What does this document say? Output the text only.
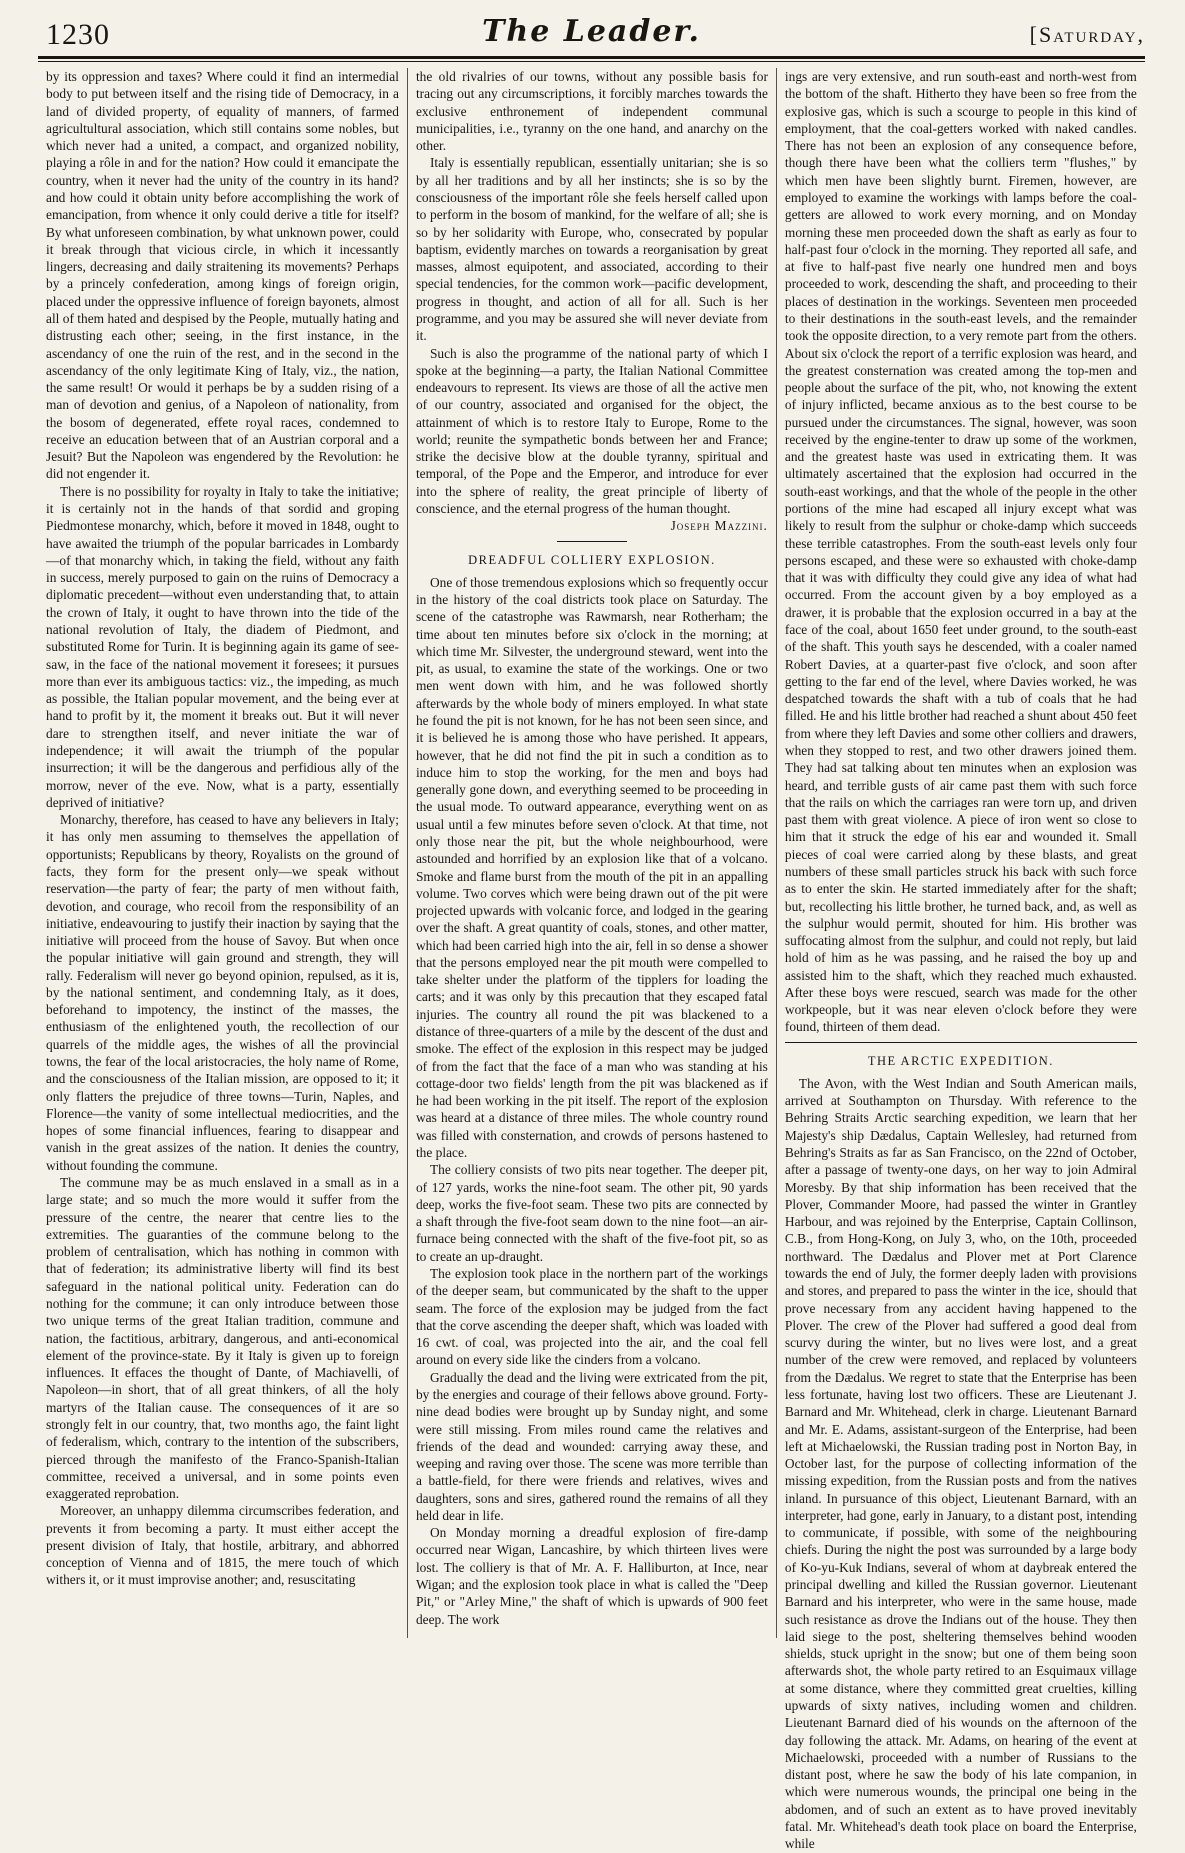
1230	The Leader.	[Saturday,

by its oppression and taxes? Where could it find an intermedial body to put between itself and the rising tide of Democracy, in a land of divided property, of equality of manners, of farmed agricultultural association, which still contains some nobles, but which never had a united, a compact, and organized nobility, playing a rôle in and for the nation? How could it emancipate the country, when it never had the unity of the country in its hand? and how could it obtain unity before accomplishing the work of emancipation, from whence it only could derive a title for itself? By what unforeseen combination, by what unknown power, could it break through that vicious circle, in which it incessantly lingers, decreasing and daily straitening its movements? Perhaps by a princely confederation, among kings of foreign origin, placed under the oppressive influence of foreign bayonets, almost all of them hated and despised by the People, mutually hating and distrusting each other; seeing, in the first instance, in the ascendancy of one the ruin of the rest, and in the second in the ascendancy of the only legitimate King of Italy, viz., the nation, the same result! Or would it perhaps be by a sudden rising of a man of devotion and genius, of a Napoleon of nationality, from the bosom of degenerated, effete royal races, condemned to receive an education between that of an Austrian corporal and a Jesuit? But the Napoleon was engendered by the Revolution: he did not engender it.

There is no possibility for royalty in Italy to take the initiative; it is certainly not in the hands of that sordid and groping Piedmontese monarchy, which, before it moved in 1848, ought to have awaited the triumph of the popular barricades in Lombardy—of that monarchy which, in taking the field, without any faith in success, merely purposed to gain on the ruins of Democracy a diplomatic precedent—without even understanding that, to attain the crown of Italy, it ought to have thrown into the tide of the national revolution of Italy, the diadem of Piedmont, and substituted Rome for Turin. It is beginning again its game of see-saw, in the face of the national movement it foresees; it pursues more than ever its ambiguous tactics: viz., the impeding, as much as possible, the Italian popular movement, and the being ever at hand to profit by it, the moment it breaks out. But it will never dare to strengthen itself, and never initiate the war of independence; it will await the triumph of the popular insurrection; it will be the dangerous and perfidious ally of the morrow, never of the eve. Now, what is a party, essentially deprived of initiative?

Monarchy, therefore, has ceased to have any believers in Italy; it has only men assuming to themselves the appellation of opportunists; Republicans by theory, Royalists on the ground of facts, they form for the present only—we speak without reservation—the party of fear; the party of men without faith, devotion, and courage, who recoil from the responsibility of an initiative, endeavouring to justify their inaction by saying that the initiative will proceed from the house of Savoy. But when once the popular initiative will gain ground and strength, they will rally. Federalism will never go beyond opinion, repulsed, as it is, by the national sentiment, and condemning Italy, as it does, beforehand to impotency, the instinct of the masses, the enthusiasm of the enlightened youth, the recollection of our quarrels of the middle ages, the wishes of all the provincial towns, the fear of the local aristocracies, the holy name of Rome, and the consciousness of the Italian mission, are opposed to it; it only flatters the prejudice of three towns—Turin, Naples, and Florence—the vanity of some intellectual mediocrities, and the hopes of some financial influences, fearing to disappear and vanish in the great assizes of the nation. It denies the country, without founding the commune.

The commune may be as much enslaved in a small as in a large state; and so much the more would it suffer from the pressure of the centre, the nearer that centre lies to the extremities. The guaranties of the commune belong to the problem of centralisation, which has nothing in common with that of federation; its administrative liberty will find its best safeguard in the national political unity. Federation can do nothing for the commune; it can only introduce between those two unique terms of the great Italian tradition, commune and nation, the factitious, arbitrary, dangerous, and anti-economical element of the province-state. By it Italy is given up to foreign influences. It effaces the thought of Dante, of Machiavelli, of Napoleon—in short, that of all great thinkers, of all the holy martyrs of the Italian cause. The consequences of it are so strongly felt in our country, that, two months ago, the faint light of federalism, which, contrary to the intention of the subscribers, pierced through the manifesto of the Franco-Spanish-Italian committee, received a universal, and in some points even exaggerated reprobation.

Moreover, an unhappy dilemma circumscribes federation, and prevents it from becoming a party. It must either accept the present division of Italy, that hostile, arbitrary, and abhorred conception of Vienna and of 1815, the mere touch of which withers it, or it must improvise another; and, resuscitating

the old rivalries of our towns, without any possible basis for tracing out any circumscriptions, it forcibly marches towards the exclusive enthronement of independent communal municipalities, i.e., tyranny on the one hand, and anarchy on the other.

Italy is essentially republican, essentially unitarian; she is so by all her traditions and by all her instincts; she is so by the consciousness of the important rôle she feels herself called upon to perform in the bosom of mankind, for the welfare of all; she is so by her solidarity with Europe, who, consecrated by popular baptism, evidently marches on towards a reorganisation by great masses, almost equipotent, and associated, according to their special tendencies, for the common work—pacific development, progress in thought, and action of all for all. Such is her programme, and you may be assured she will never deviate from it.

Such is also the programme of the national party of which I spoke at the beginning—a party, the Italian National Committee endeavours to represent. Its views are those of all the active men of our country, associated and organised for the object, the attainment of which is to restore Italy to Europe, Rome to the world; reunite the sympathetic bonds between her and France; strike the decisive blow at the double tyranny, spiritual and temporal, of the Pope and the Emperor, and introduce for ever into the sphere of reality, the great principle of liberty of conscience, and the eternal progress of the human thought.

Joseph Mazzini.
DREADFUL COLLIERY EXPLOSION.

One of those tremendous explosions which so frequently occur in the history of the coal districts took place on Saturday. The scene of the catastrophe was Rawmarsh, near Rotherham; the time about ten minutes before six o'clock in the morning; at which time Mr. Silvester, the underground steward, went into the pit, as usual, to examine the state of the workings. One or two men went down with him, and he was followed shortly afterwards by the whole body of miners employed. In what state he found the pit is not known, for he has not been seen since, and it is believed he is among those who have perished. It appears, however, that he did not find the pit in such a condition as to induce him to stop the working, for the men and boys had generally gone down, and everything seemed to be proceeding in the usual mode. To outward appearance, everything went on as usual until a few minutes before seven o'clock. At that time, not only those near the pit, but the whole neighbourhood, were astounded and horrified by an explosion like that of a volcano. Smoke and flame burst from the mouth of the pit in an appalling volume. Two corves which were being drawn out of the pit were projected upwards with volcanic force, and lodged in the gearing over the shaft. A great quantity of coals, stones, and other matter, which had been carried high into the air, fell in so dense a shower that the persons employed near the pit mouth were compelled to take shelter under the platform of the tipplers for loading the carts; and it was only by this precaution that they escaped fatal injuries. The country all round the pit was blackened to a distance of three-quarters of a mile by the descent of the dust and smoke. The effect of the explosion in this respect may be judged of from the fact that the face of a man who was standing at his cottage-door two fields' length from the pit was blackened as if he had been working in the pit itself. The report of the explosion was heard at a distance of three miles. The whole country round was filled with consternation, and crowds of persons hastened to the place.

The colliery consists of two pits near together. The deeper pit, of 127 yards, works the nine-foot seam. The other pit, 90 yards deep, works the five-foot seam. These two pits are connected by a shaft through the five-foot seam down to the nine foot—an air-furnace being connected with the shaft of the five-foot pit, so as to create an up-draught.

The explosion took place in the northern part of the workings of the deeper seam, but communicated by the shaft to the upper seam. The force of the explosion may be judged from the fact that the corve ascending the deeper shaft, which was loaded with 16 cwt. of coal, was projected into the air, and the coal fell around on every side like the cinders from a volcano.

Gradually the dead and the living were extricated from the pit, by the energies and courage of their fellows above ground. Forty-nine dead bodies were brought up by Sunday night, and some were still missing. From miles round came the relatives and friends of the dead and wounded: carrying away these, and weeping and raving over those. The scene was more terrible than a battle-field, for there were friends and relatives, wives and daughters, sons and sires, gathered round the remains of all they held dear in life.

On Monday morning a dreadful explosion of fire-damp occurred near Wigan, Lancashire, by which thirteen lives were lost. The colliery is that of Mr. A. F. Halliburton, at Ince, near Wigan; and the explosion took place in what is called the "Deep Pit," or "Arley Mine," the shaft of which is upwards of 900 feet deep. The work

ings are very extensive, and run south-east and north-west from the bottom of the shaft. Hitherto they have been so free from the explosive gas, which is such a scourge to people in this kind of employment, that the coal-getters worked with naked candles. There has not been an explosion of any consequence before, though there have been what the colliers term "flushes," by which men have been slightly burnt. Firemen, however, are employed to examine the workings with lamps before the coal-getters are allowed to work every morning, and on Monday morning these men proceeded down the shaft as early as four to half-past four o'clock in the morning. They reported all safe, and at five to half-past five nearly one hundred men and boys proceeded to work, descending the shaft, and proceeding to their places of destination in the workings. Seventeen men proceeded to their destinations in the south-east levels, and the remainder took the opposite direction, to a very remote part from the others. About six o'clock the report of a terrific explosion was heard, and the greatest consternation was created among the top-men and people about the surface of the pit, who, not knowing the extent of injury inflicted, became anxious as to the best course to be pursued under the circumstances. The signal, however, was soon received by the engine-tenter to draw up some of the workmen, and the greatest haste was used in extricating them. It was ultimately ascertained that the explosion had occurred in the south-east workings, and that the whole of the people in the other portions of the mine had escaped all injury except what was likely to result from the sulphur or choke-damp which succeeds these terrible catastrophes. From the south-east levels only four persons escaped, and these were so exhausted with choke-damp that it was with difficulty they could give any idea of what had occurred. From the account given by a boy employed as a drawer, it is probable that the explosion occurred in a bay at the face of the coal, about 1650 feet under ground, to the south-east of the shaft. This youth says he descended, with a coaler named Robert Davies, at a quarter-past five o'clock, and soon after getting to the far end of the level, where Davies worked, he was despatched towards the shaft with a tub of coals that he had filled. He and his little brother had reached a shunt about 450 feet from where they left Davies and some other colliers and drawers, when they stopped to rest, and two other drawers joined them. They had sat talking about ten minutes when an explosion was heard, and terrible gusts of air came past them with such force that the rails on which the carriages ran were torn up, and driven past them with great violence. A piece of iron went so close to him that it struck the edge of his ear and wounded it. Small pieces of coal were carried along by these blasts, and great numbers of these small particles struck his back with such force as to enter the skin. He started immediately after for the shaft; but, recollecting his little brother, he turned back, and, as well as the sulphur would permit, shouted for him. His brother was suffocating almost from the sulphur, and could not reply, but laid hold of him as he was passing, and he raised the boy up and assisted him to the shaft, which they reached much exhausted. After these boys were rescued, search was made for the other workpeople, but it was near eleven o'clock before they were found, thirteen of them dead.

THE ARCTIC EXPEDITION.

The Avon, with the West Indian and South American mails, arrived at Southampton on Thursday. With reference to the Behring Straits Arctic searching expedition, we learn that her Majesty's ship Dædalus, Captain Wellesley, had returned from Behring's Straits as far as San Francisco, on the 22nd of October, after a passage of twenty-one days, on her way to join Admiral Moresby. By that ship information has been received that the Plover, Commander Moore, had passed the winter in Grantley Harbour, and was rejoined by the Enterprise, Captain Collinson, C.B., from Hong-Kong, on July 3, who, on the 10th, proceeded northward. The Dædalus and Plover met at Port Clarence towards the end of July, the former deeply laden with provisions and stores, and prepared to pass the winter in the ice, should that prove necessary from any accident having happened to the Plover. The crew of the Plover had suffered a good deal from scurvy during the winter, but no lives were lost, and a great number of the crew were removed, and replaced by volunteers from the Dædalus. We regret to state that the Enterprise has been less fortunate, having lost two officers. These are Lieutenant J. Barnard and Mr. Whitehead, clerk in charge. Lieutenant Barnard and Mr. E. Adams, assistant-surgeon of the Enterprise, had been left at Michaelowski, the Russian trading post in Norton Bay, in October last, for the purpose of collecting information of the missing expedition, from the Russian posts and from the natives inland. In pursuance of this object, Lieutenant Barnard, with an interpreter, had gone, early in January, to a distant post, intending to communicate, if possible, with some of the neighbouring chiefs. During the night the post was surrounded by a large body of Ko-yu-Kuk Indians, several of whom at daybreak entered the principal dwelling and killed the Russian governor. Lieutenant Barnard and his interpreter, who were in the same house, made such resistance as drove the Indians out of the house. They then laid siege to the post, sheltering themselves behind wooden shields, stuck upright in the snow; but one of them being soon afterwards shot, the whole party retired to an Esquimaux village at some distance, where they committed great cruelties, killing upwards of sixty natives, including women and children. Lieutenant Barnard died of his wounds on the afternoon of the day following the attack. Mr. Adams, on hearing of the event at Michaelowski, proceeded with a number of Russians to the distant post, where he saw the body of his late companion, in which were numerous wounds, the principal one being in the abdomen, and of such an extent as to have proved inevitably fatal. Mr. Whitehead's death took place on board the Enterprise, while
